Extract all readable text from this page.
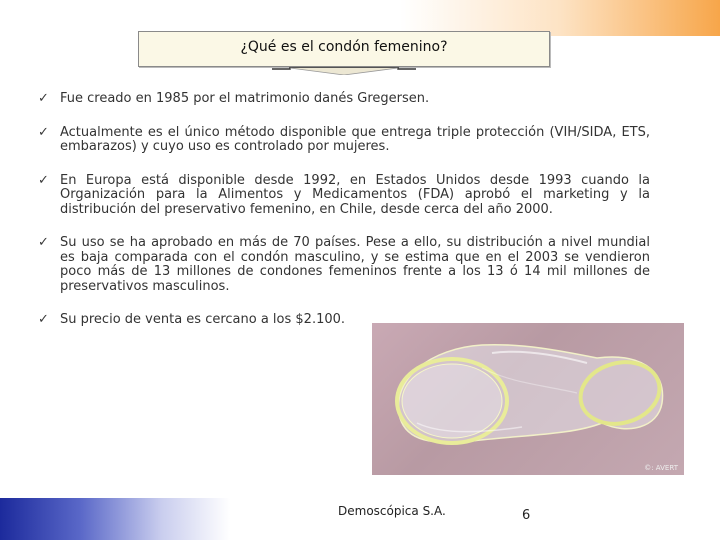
¿Qué es el condón femenino?
✓ Fue creado en 1985 por el matrimonio danés Gregersen.
✓ Actualmente es el único método disponible que entrega triple protección (VIH/SIDA, ETS, embarazos) y cuyo uso es controlado por mujeres.
✓ En Europa está disponible desde 1992, en Estados Unidos desde 1993 cuando la Organización para la Alimentos y Medicamentos (FDA) aprobó el marketing y la distribución del preservativo femenino, en Chile, desde cerca del año 2000.
✓ Su uso se ha aprobado en más de 70 países. Pese a ello, su distribución a nivel mundial es baja comparada con el condón masculino, y se estima que en el 2003 se vendieron poco más de 13 millones de condones femeninos frente a los 13 ó 14 mil millones de preservativos masculinos.
✓ Su precio de venta es cercano a los $2.100.
©: AVERT
Demoscópica S.A.	6
